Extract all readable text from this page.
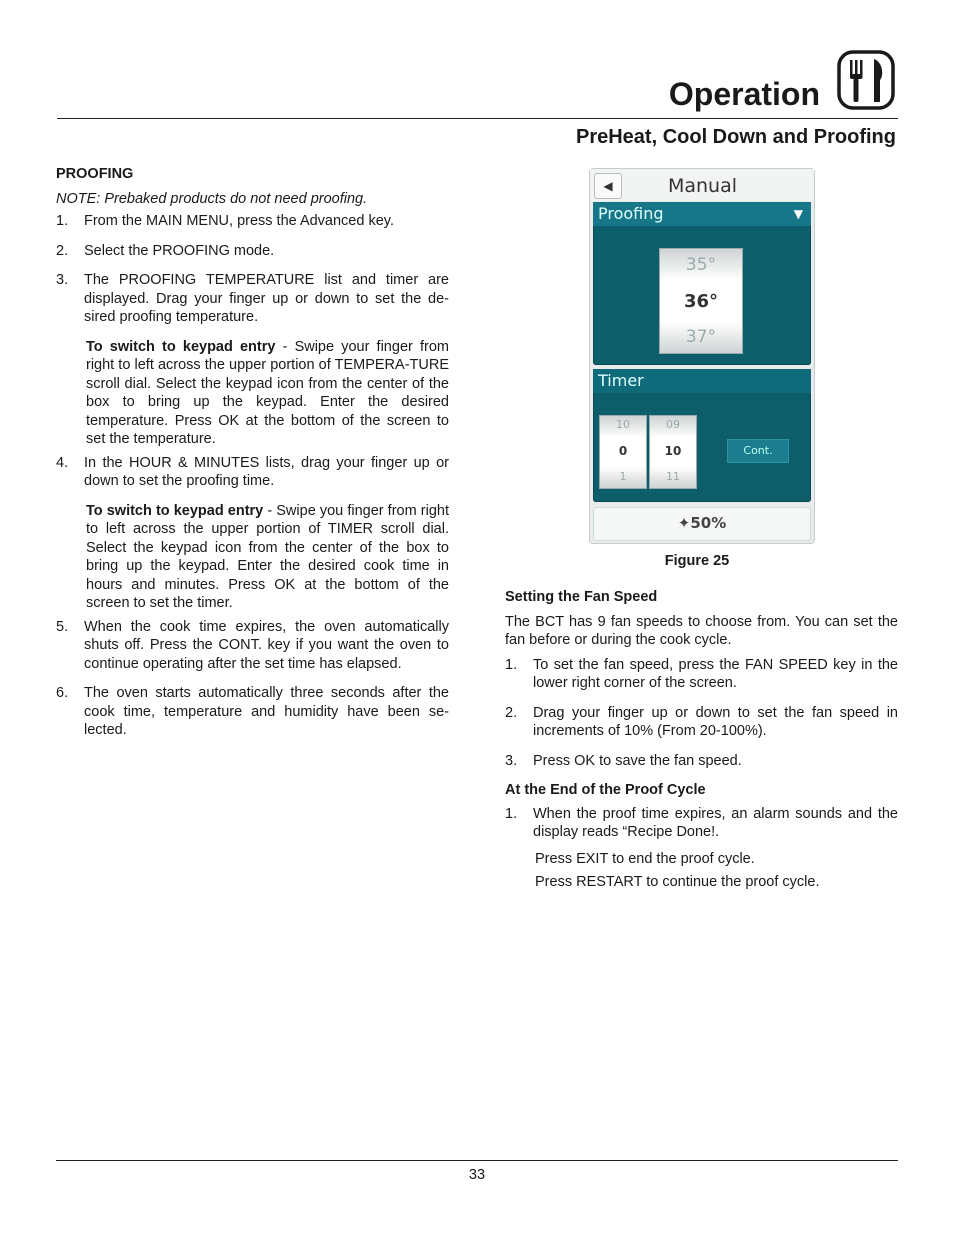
Operation
PreHeat, Cool Down and Proofing

PROOFING

NOTE: Prebaked products do not need proofing.

1.	From the MAIN MENU, press the Advanced key.
2.	Select the PROOFING mode.
3.	The PROOFING TEMPERATURE list and timer are displayed. Drag your finger up or down to set the de-sired proofing temperature.

To switch to keypad entry - Swipe your finger from right to left across the upper portion of TEMPERA-TURE scroll dial. Select the keypad icon from the center of the box to bring up the keypad. Enter the desired temperature. Press OK at the bottom of the screen to set the temperature.

4.	In the HOUR & MINUTES lists, drag your finger up or down to set the proofing time.

To switch to keypad entry - Swipe you finger from right to left across the upper portion of TIMER scroll dial. Select the keypad icon from the center of the box to bring up the keypad. Enter the desired cook time in hours and minutes. Press OK at the bottom of the screen to set the timer.

5.	When the cook time expires, the oven automatically shuts off. Press the CONT. key if you want the oven to continue operating after the set time has elapsed.
6.	The oven starts automatically three seconds after the cook time, temperature and humidity have been se-lected.
◀	Manual
Proofing	▼
35°
36°
37°
Timer
10
0
1
09
10
11
Cont.
✦50%
Figure 25

Setting the Fan Speed

The BCT has 9 fan speeds to choose from. You can set the fan before or during the cook cycle.

1.	To set the fan speed, press the FAN SPEED key in the lower right corner of the screen.
2.	Drag your finger up or down to set the fan speed in increments of 10% (From 20-100%).
3.	Press OK to save the fan speed.

At the End of the Proof Cycle

1.	When the proof time expires, an alarm sounds and the display reads “Recipe Done!.

Press EXIT to end the proof cycle.

Press RESTART to continue the proof cycle.

33
